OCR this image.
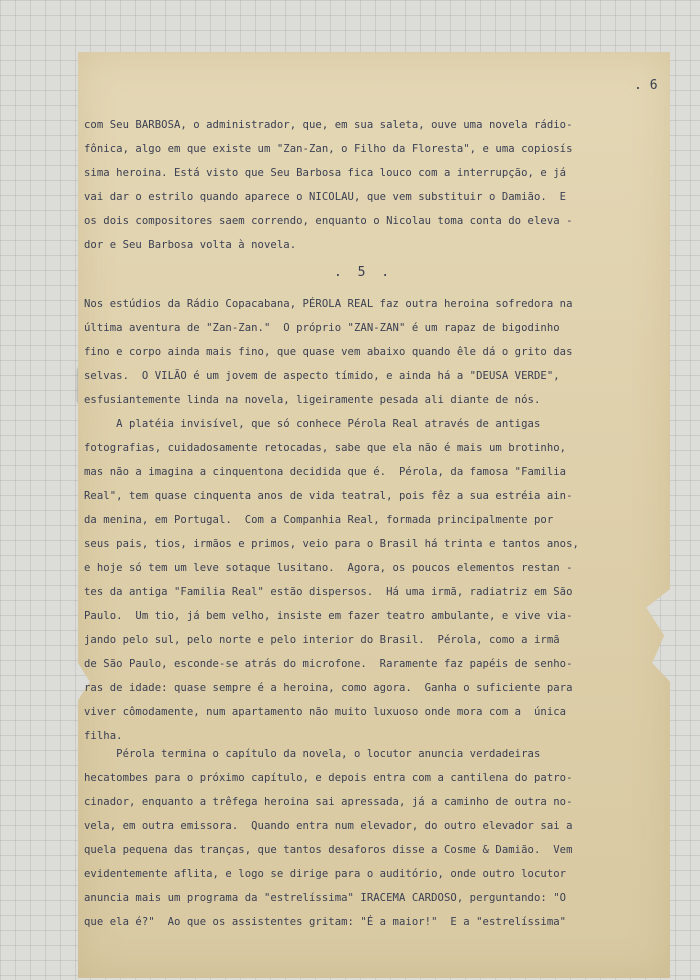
. 6
com Seu BARBOSA, o administrador, que, em sua saleta, ouve uma novela rádio-
fônica, algo em que existe um "Zan-Zan, o Filho da Floresta", e uma copiosís
sima heroina. Está visto que Seu Barbosa fica louco com a interrupção, e já
vai dar o estrilo quando aparece o NICOLAU, que vem substituir o Damião.  E
os dois compositores saem correndo, enquanto o Nicolau toma conta do eleva -
dor e Seu Barbosa volta à novela.
. 5 .
Nos estúdios da Rádio Copacabana, PÉROLA REAL faz outra heroina sofredora na
última aventura de "Zan-Zan."  O próprio "ZAN-ZAN" é um rapaz de bigodinho
fino e corpo ainda mais fino, que quase vem abaixo quando êle dá o grito das
selvas.  O VILÃO é um jovem de aspecto tímido, e ainda há a "DEUSA VERDE",
esfusiantemente linda na novela, ligeiramente pesada ali diante de nós.
A platéia invisível, que só conhece Pérola Real através de antigas
fotografias, cuidadosamente retocadas, sabe que ela não é mais um brotinho,
mas não a imagina a cinquentona decidida que é.  Pérola, da famosa "Familia
Real", tem quase cinquenta anos de vida teatral, pois fêz a sua estréia ain-
da menina, em Portugal.  Com a Companhia Real, formada principalmente por
seus pais, tios, irmãos e primos, veio para o Brasil há trinta e tantos anos,
e hoje só tem um leve sotaque lusitano.  Agora, os poucos elementos restan -
tes da antiga "Familia Real" estão dispersos.  Há uma irmã, radiatriz em São
Paulo.  Um tio, já bem velho, insiste em fazer teatro ambulante, e vive via-
jando pelo sul, pelo norte e pelo interior do Brasil.  Pérola, como a irmã
de São Paulo, esconde-se atrás do microfone.  Raramente faz papéis de senho-
ras de idade: quase sempre é a heroina, como agora.  Ganha o suficiente para
viver cômodamente, num apartamento não muito luxuoso onde mora com a  única
filha.
Pérola termina o capítulo da novela, o locutor anuncia verdadeiras
hecatombes para o próximo capítulo, e depois entra com a cantilena do patro-
cinador, enquanto a trêfega heroina sai apressada, já a caminho de outra no-
vela, em outra emissora.  Quando entra num elevador, do outro elevador sai a
quela pequena das tranças, que tantos desaforos disse a Cosme & Damião.  Vem
evidentemente aflita, e logo se dirige para o auditório, onde outro locutor
anuncia mais um programa da "estrelíssima" IRACEMA CARDOSO, perguntando: "O
que ela é?"  Ao que os assistentes gritam: "É a maior!"  E a "estrelíssima"
